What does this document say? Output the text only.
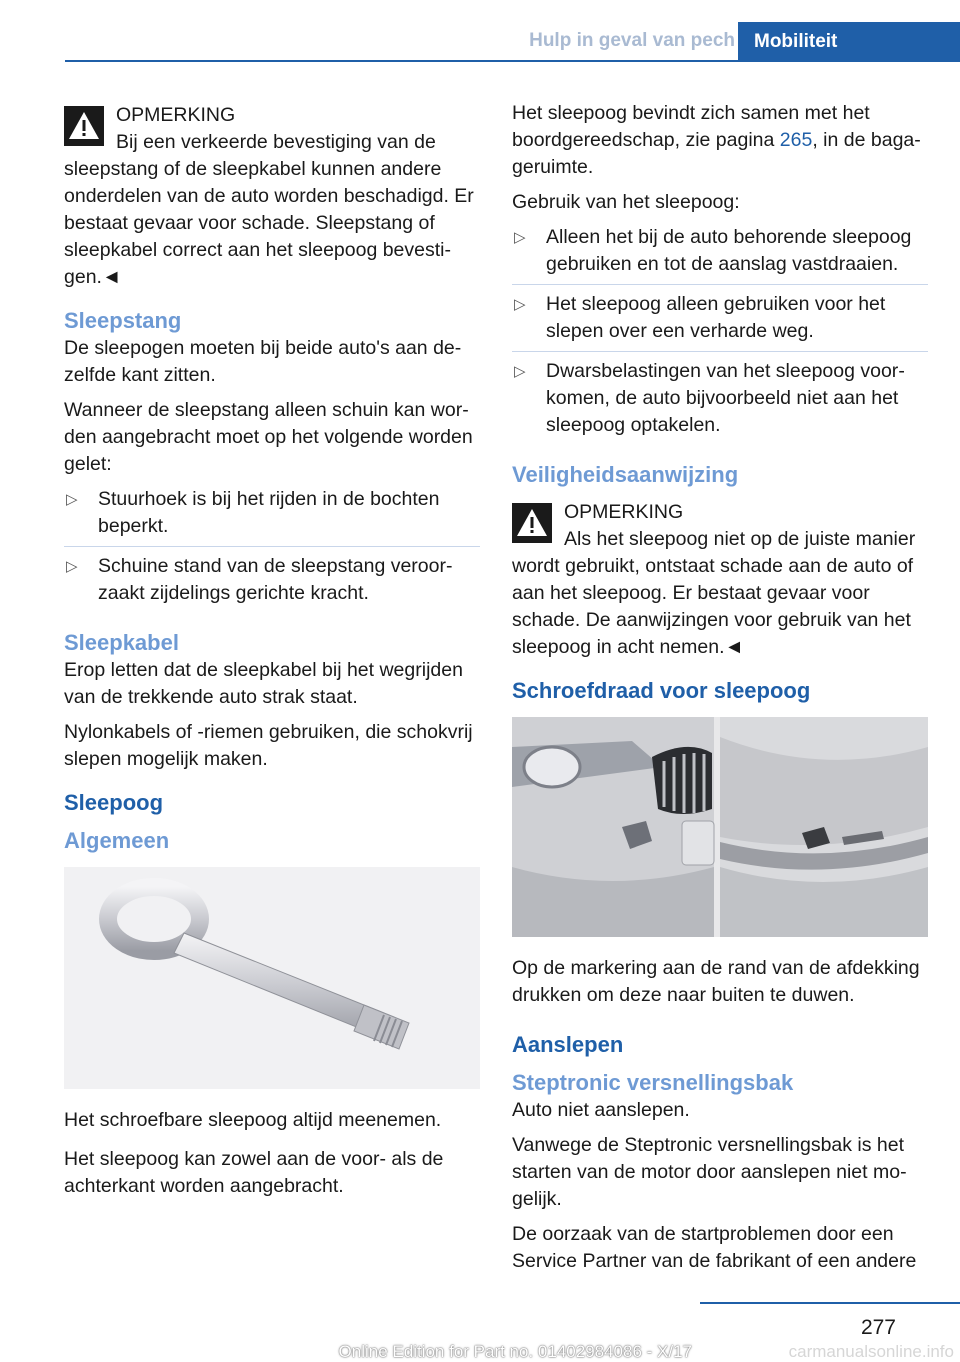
Hulp in geval van pech	Mobiliteit
OPMERKING
Bij een verkeerde bevestiging van de sleepstang of de sleepkabel kunnen andere onderdelen van de auto worden beschadigd. Er bestaat gevaar voor schade. Sleepstang of sleepkabel correct aan het sleepoog bevestigen.◄
Sleepstang

De sleepogen moeten bij beide auto's aan dezelfde kant zitten.

Wanneer de sleepstang alleen schuin kan worden aangebracht moet op het volgende worden gelet:

▷ Stuurhoek is bij het rijden in de bochten beperkt.
▷ Schuine stand van de sleepstang veroorzaakt zijdelings gerichte kracht.
Sleepkabel

Erop letten dat de sleepkabel bij het wegrijden van de trekkende auto strak staat.

Nylonkabels of -riemen gebruiken, die schokvrij slepen mogelijk maken.

Sleepoog
Algemeen

Het schroefbare sleepoog altijd meenemen.

Het sleepoog kan zowel aan de voor- als de achterkant worden aangebracht.

Het sleepoog bevindt zich samen met het boordgereedschap, zie pagina 265, in de bagageruimte.

Gebruik van het sleepoog:

▷ Alleen het bij de auto behorende sleepoog gebruiken en tot de aanslag vastdraaien.
▷ Het sleepoog alleen gebruiken voor het slepen over een verharde weg.
▷ Dwarsbelastingen van het sleepoog voorkomen, de auto bijvoorbeeld niet aan het sleepoog optakelen.
Veiligheidsaanwijzing
OPMERKING
Als het sleepoog niet op de juiste manier wordt gebruikt, ontstaat schade aan de auto of aan het sleepoog. Er bestaat gevaar voor schade. De aanwijzingen voor gebruik van het sleepoog in acht nemen.◄
Schroefdraad voor sleepoog

Op de markering aan de rand van de afdekking drukken om deze naar buiten te duwen.

Aanslepen
Steptronic versnellingsbak

Auto niet aanslepen.

Vanwege de Steptronic versnellingsbak is het starten van de motor door aanslepen niet mogelijk.

De oorzaak van de startproblemen door een Service Partner van de fabrikant of een andere

277
Online Edition for Part no. 01402984086 - X/17	carmanualsonline.info
